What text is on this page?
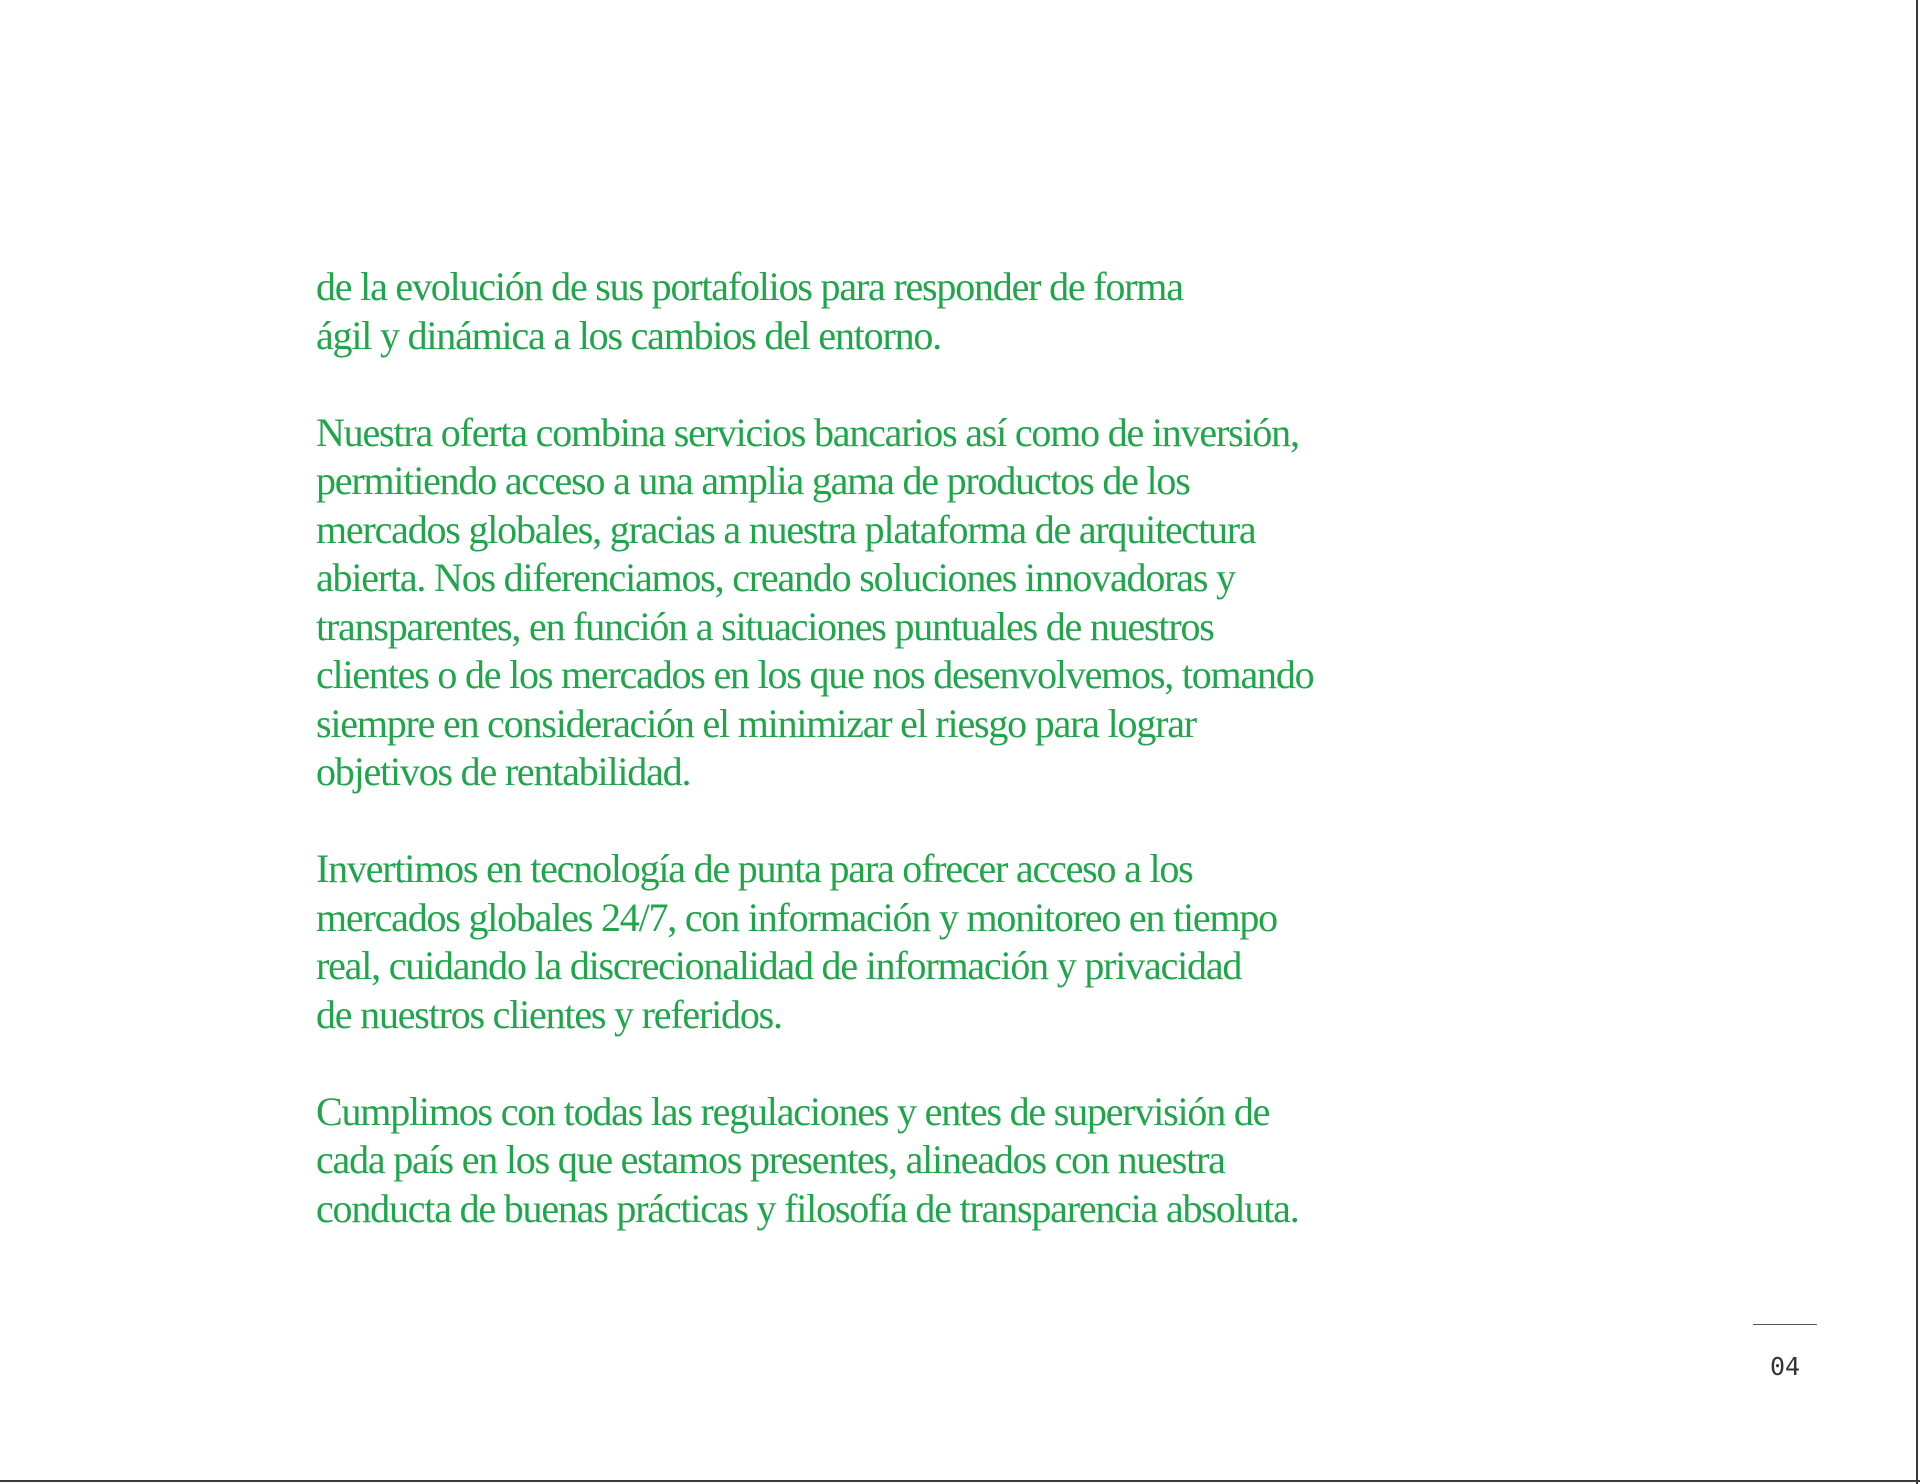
de la evolución de sus portafolios para responder de forma
ágil y dinámica a los cambios del entorno.

Nuestra oferta combina servicios bancarios así como de inversión,
permitiendo acceso a una amplia gama de productos de los
mercados globales, gracias a nuestra plataforma de arquitectura
abierta. Nos diferenciamos, creando soluciones innovadoras y
transparentes, en función a situaciones puntuales de nuestros
clientes o de los mercados en los que nos desenvolvemos, tomando
siempre en consideración el minimizar el riesgo para lograr
objetivos de rentabilidad.

Invertimos en tecnología de punta para ofrecer acceso a los
mercados globales 24/7, con información y monitoreo en tiempo
real, cuidando la discrecionalidad de información y privacidad
de nuestros clientes y referidos.

Cumplimos con todas las regulaciones y entes de supervisión de
cada país en los que estamos presentes, alineados con nuestra
conducta de buenas prácticas y filosofía de transparencia absoluta.

04
